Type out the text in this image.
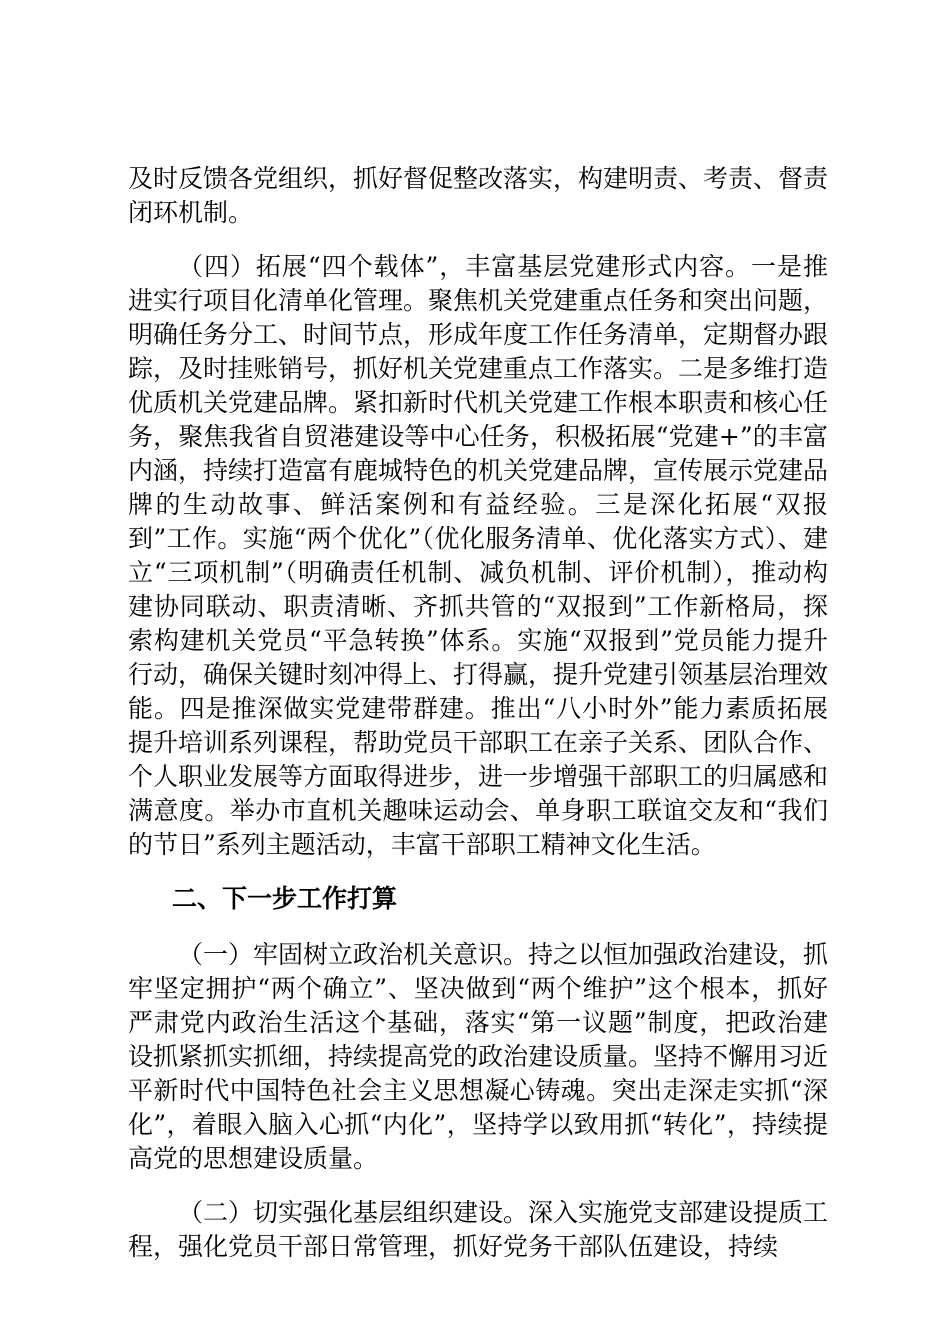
及时反馈各党组织，抓好督促整改落实，构建明责、考责、督责闭环机制。

（四）拓展“四个载体”，丰富基层党建形式内容。一是推进实行项目化清单化管理。聚焦机关党建重点任务和突出问题，明确任务分工、时间节点，形成年度工作任务清单，定期督办跟踪，及时挂账销号，抓好机关党建重点工作落实。二是多维打造优质机关党建品牌。紧扣新时代机关党建工作根本职责和核心任务，聚焦我省自贸港建设等中心任务，积极拓展“党建+”的丰富内涵，持续打造富有鹿城特色的机关党建品牌，宣传展示党建品牌的生动故事、鲜活案例和有益经验。三是深化拓展“双报到”工作。实施“两个优化”（优化服务清单、优化落实方式）、建立“三项机制”（明确责任机制、减负机制、评价机制），推动构建协同联动、职责清晰、齐抓共管的“双报到”工作新格局，探索构建机关党员“平急转换”体系。实施“双报到”党员能力提升行动，确保关键时刻冲得上、打得赢，提升党建引领基层治理效能。四是推深做实党建带群建。推出“八小时外”能力素质拓展提升培训系列课程，帮助党员干部职工在亲子关系、团队合作、个人职业发展等方面取得进步，进一步增强干部职工的归属感和满意度。举办市直机关趣味运动会、单身职工联谊交友和“我们的节日”系列主题活动，丰富干部职工精神文化生活。

二、下一步工作打算

（一）牢固树立政治机关意识。持之以恒加强政治建设，抓牢坚定拥护“两个确立”、坚决做到“两个维护”这个根本，抓好严肃党内政治生活这个基础，落实“第一议题”制度，把政治建设抓紧抓实抓细，持续提高党的政治建设质量。坚持不懈用习近平新时代中国特色社会主义思想凝心铸魂。突出走深走实抓“深化”，着眼入脑入心抓“内化”，坚持学以致用抓“转化”，持续提高党的思想建设质量。

（二）切实强化基层组织建设。深入实施党支部建设提质工程，强化党员干部日常管理，抓好党务干部队伍建设，持续
